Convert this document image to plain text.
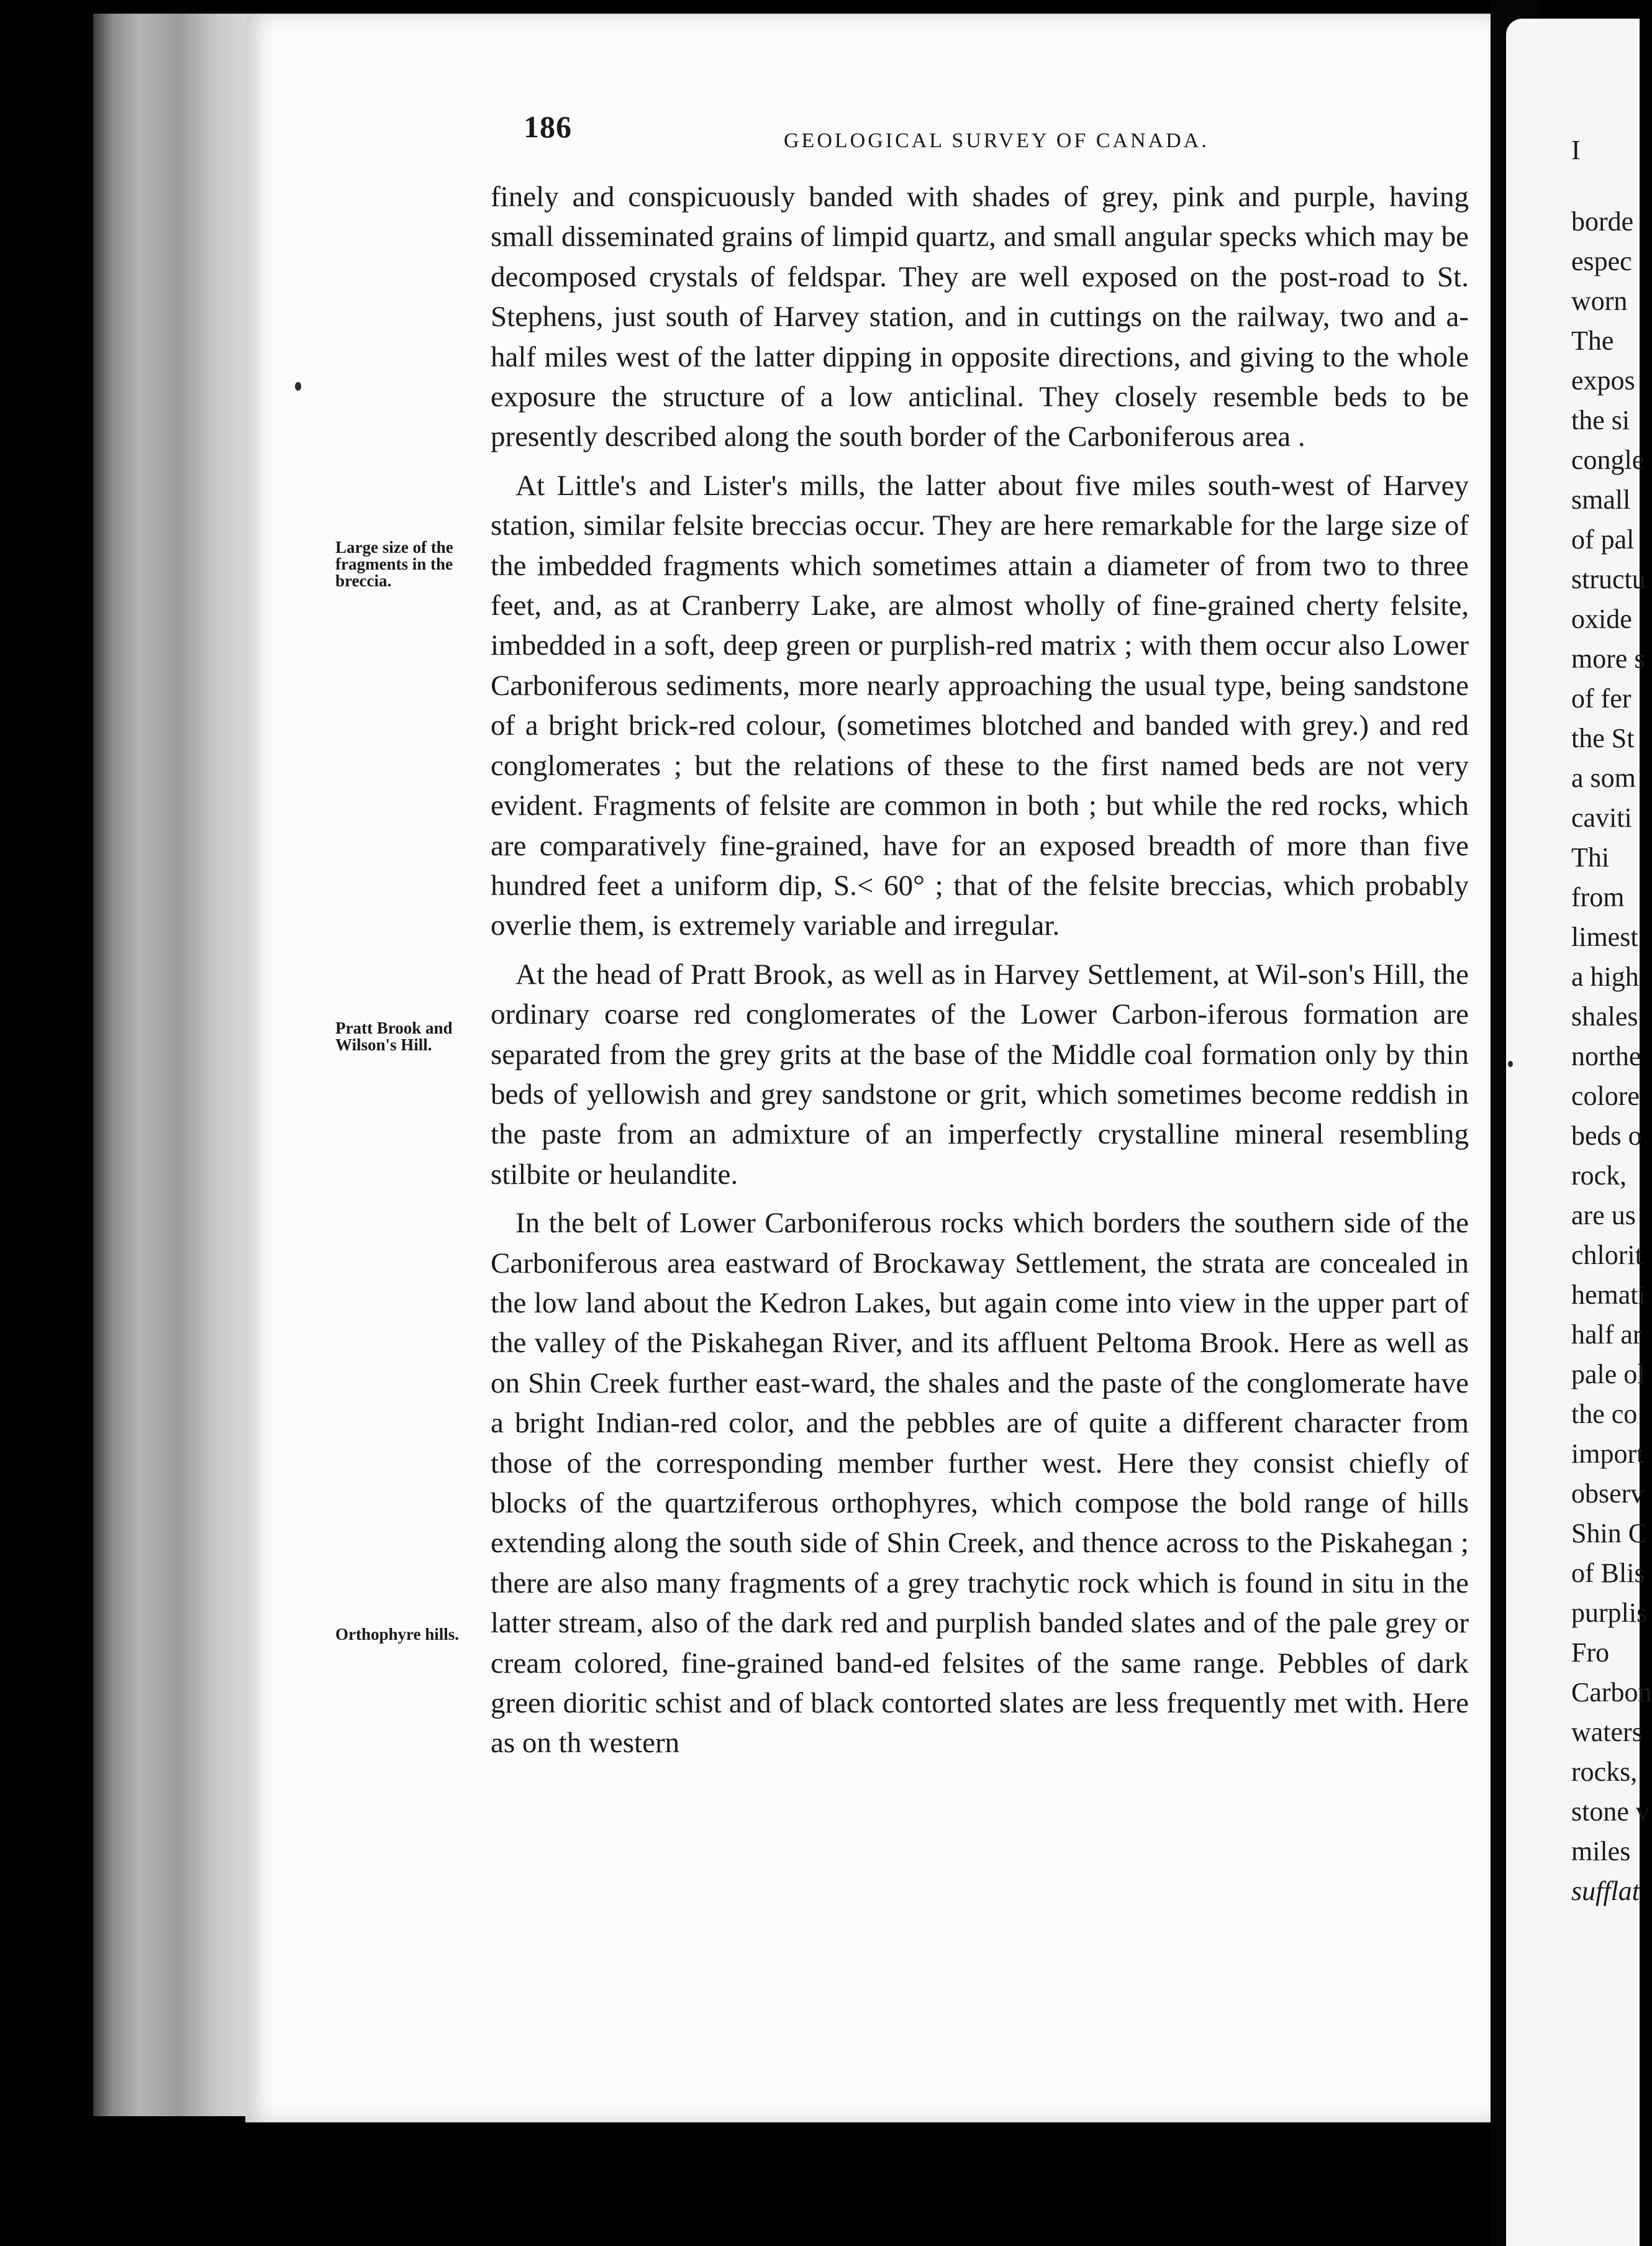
186	GEOLOGICAL SURVEY OF CANADA.

finely and conspicuously banded with shades of grey, pink and purple, having small disseminated grains of limpid quartz, and small angular specks which may be decomposed crystals of feldspar. They are well exposed on the post-road to St. Stephens, just south of Harvey station, and in cuttings on the railway, two and a-half miles west of the latter dipping in opposite directions, and giving to the whole exposure the structure of a low anticlinal. They closely resemble beds to be presently described along the south border of the Carboniferous area .

At Little's and Lister's mills, the latter about five miles south-west of Harvey station, similar felsite breccias occur. They are here remarkable for the large size of the imbedded fragments which sometimes attain a diameter of from two to three feet, and, as at Cranberry Lake, are almost wholly of fine-grained cherty felsite, imbedded in a soft, deep green or purplish-red matrix ; with them occur also Lower Carboniferous sediments, more nearly approaching the usual type, being sandstone of a bright brick-red colour, (sometimes blotched and banded with grey.) and red conglomerates ; but the relations of these to the first named beds are not very evident. Fragments of felsite are common in both ; but while the red rocks, which are comparatively fine-grained, have for an exposed breadth of more than five hundred feet a uniform dip, S.< 60° ; that of the felsite breccias, which probably overlie them, is extremely variable and irregular.

At the head of Pratt Brook, as well as in Harvey Settlement, at Wil-son's Hill, the ordinary coarse red conglomerates of the Lower Carbon-iferous formation are separated from the grey grits at the base of the Middle coal formation only by thin beds of yellowish and grey sandstone or grit, which sometimes become reddish in the paste from an admixture of an imperfectly crystalline mineral resembling stilbite or heulandite.

In the belt of Lower Carboniferous rocks which borders the southern side of the Carboniferous area eastward of Brockaway Settlement, the strata are concealed in the low land about the Kedron Lakes, but again come into view in the upper part of the valley of the Piskahegan River, and its affluent Peltoma Brook. Here as well as on Shin Creek further east-ward, the shales and the paste of the conglomerate have a bright Indian-red color, and the pebbles are of quite a different character from those of the corresponding member further west. Here they consist chiefly of blocks of the quartziferous orthophyres, which compose the bold range of hills extending along the south side of Shin Creek, and thence across to the Piskahegan ; there are also many fragments of a grey trachytic rock which is found in situ in the latter stream, also of the dark red and purplish banded slates and of the pale grey or cream colored, fine-grained band-ed felsites of the same range. Pebbles of dark green dioritic schist and of black contorted slates are less frequently met with. Here as on th western

Large size of the fragments in the breccia.
Pratt Brook and Wilson's Hill.
Orthophyre hills.
I
borde
espec
worn
The
expos
the si
congle
small
of pal
structu
oxide
more s
of fer
the St
a som
caviti
Thi
from
limest
a high
shales
northe
colore
beds o
rock,
are us
chlorit
hemati
half ar
pale ol
the co
import
observ
Shin C
of Blis
purplis
Fro
Carbon
waters
rocks,
stone v
miles
sufflat
